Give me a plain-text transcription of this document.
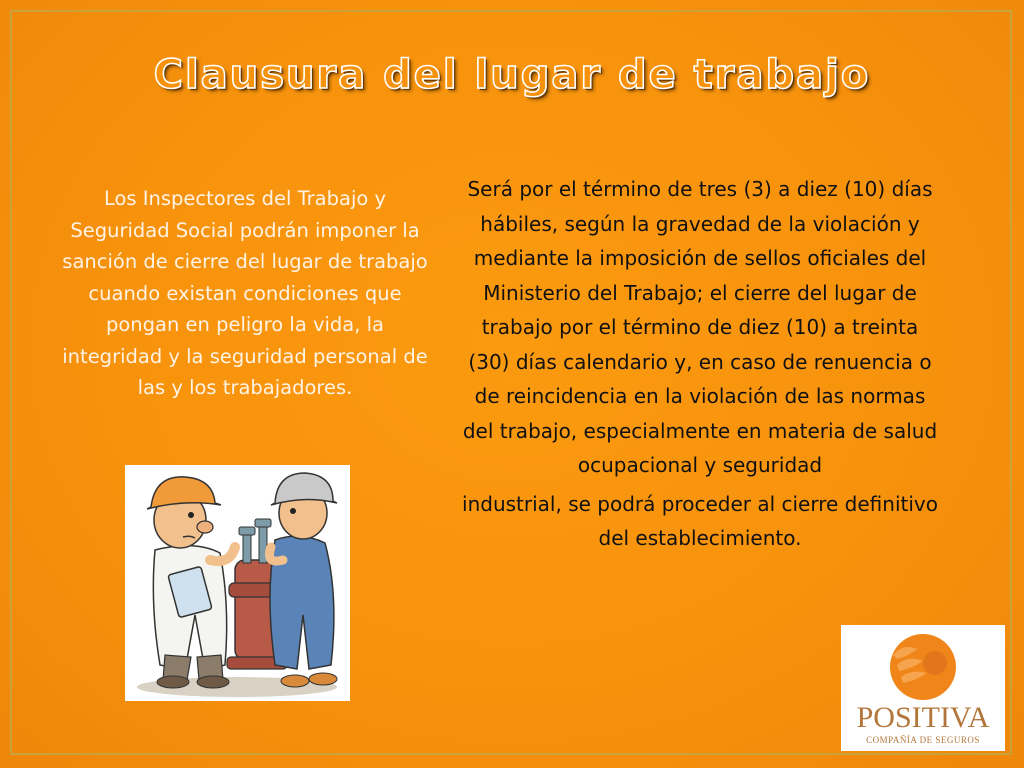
Clausura del lugar de trabajo

Los Inspectores del Trabajo y Seguridad Social podrán imponer la sanción de cierre del lugar de trabajo cuando existan condiciones que pongan en peligro la vida, la integridad y la seguridad personal de las y los trabajadores.

Será por el término de tres (3) a diez (10) días hábiles, según la gravedad de la violación y mediante la imposición de sellos oficiales del Ministerio del Trabajo; el cierre del lugar de trabajo por el término de diez (10) a treinta (30) días calendario y, en caso de renuencia o de reincidencia en la violación de las normas del trabajo, especialmente en materia de salud ocupacional y seguridad

industrial, se podrá proceder al cierre definitivo del establecimiento.

POSITIVA
COMPAÑÍA DE SEGUROS
